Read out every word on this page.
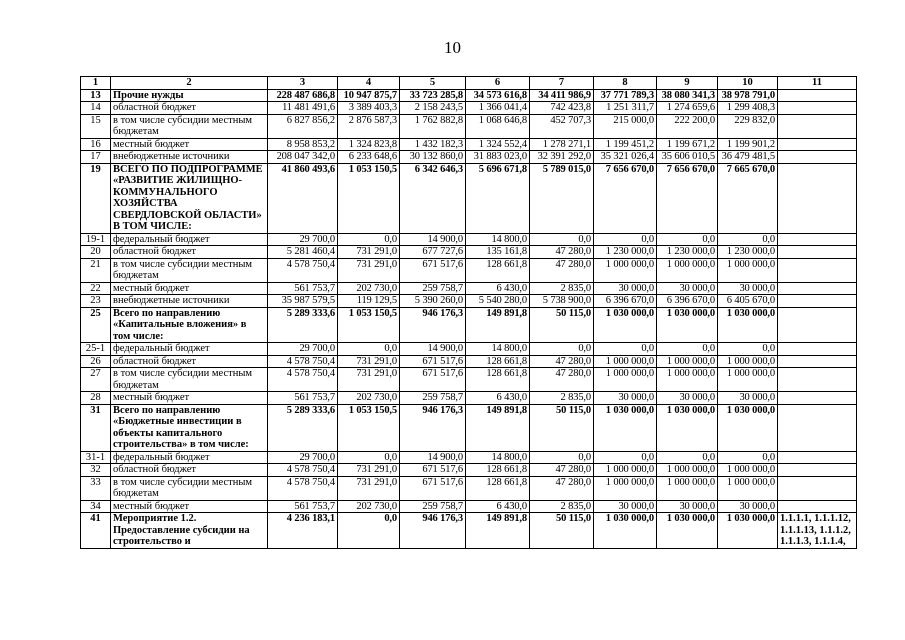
10
1	2	3	4	5	6	7	8	9	10	11
13	Прочие нужды	228 487 686,8	10 947 875,7	33 723 285,8	34 573 616,8	34 411 986,9	37 771 789,3	38 080 341,3	38 978 791,0	
14	областной бюджет	11 481 491,6	3 389 403,3	2 158 243,5	1 366 041,4	742 423,8	1 251 311,7	1 274 659,6	1 299 408,3	
15	в том числе субсидии местным бюджетам	6 827 856,2	2 876 587,3	1 762 882,8	1 068 646,8	452 707,3	215 000,0	222 200,0	229 832,0	
16	местный бюджет	8 958 853,2	1 324 823,8	1 432 182,3	1 324 552,4	1 278 271,1	1 199 451,2	1 199 671,2	1 199 901,2	
17	внебюджетные источники	208 047 342,0	6 233 648,6	30 132 860,0	31 883 023,0	32 391 292,0	35 321 026,4	35 606 010,5	36 479 481,5	
19	ВСЕГО ПО ПОДПРОГРАММЕ «РАЗВИТИЕ ЖИЛИЩНО-КОММУНАЛЬНОГО ХОЗЯЙСТВА СВЕРДЛОВСКОЙ ОБЛАСТИ» В ТОМ ЧИСЛЕ:	41 860 493,6	1 053 150,5	6 342 646,3	5 696 671,8	5 789 015,0	7 656 670,0	7 656 670,0	7 665 670,0	
19-1	федеральный бюджет	29 700,0	0,0	14 900,0	14 800,0	0,0	0,0	0,0	0,0	
20	областной бюджет	5 281 460,4	731 291,0	677 727,6	135 161,8	47 280,0	1 230 000,0	1 230 000,0	1 230 000,0	
21	в том числе субсидии местным бюджетам	4 578 750,4	731 291,0	671 517,6	128 661,8	47 280,0	1 000 000,0	1 000 000,0	1 000 000,0	
22	местный бюджет	561 753,7	202 730,0	259 758,7	6 430,0	2 835,0	30 000,0	30 000,0	30 000,0	
23	внебюджетные источники	35 987 579,5	119 129,5	5 390 260,0	5 540 280,0	5 738 900,0	6 396 670,0	6 396 670,0	6 405 670,0	
25	Всего по направлению «Капитальные вложения» в том числе:	5 289 333,6	1 053 150,5	946 176,3	149 891,8	50 115,0	1 030 000,0	1 030 000,0	1 030 000,0	
25-1	федеральный бюджет	29 700,0	0,0	14 900,0	14 800,0	0,0	0,0	0,0	0,0	
26	областной бюджет	4 578 750,4	731 291,0	671 517,6	128 661,8	47 280,0	1 000 000,0	1 000 000,0	1 000 000,0	
27	в том числе субсидии местным бюджетам	4 578 750,4	731 291,0	671 517,6	128 661,8	47 280,0	1 000 000,0	1 000 000,0	1 000 000,0	
28	местный бюджет	561 753,7	202 730,0	259 758,7	6 430,0	2 835,0	30 000,0	30 000,0	30 000,0	
31	Всего по направлению «Бюджетные инвестиции в объекты капитального строительства» в том числе:	5 289 333,6	1 053 150,5	946 176,3	149 891,8	50 115,0	1 030 000,0	1 030 000,0	1 030 000,0	
31-1	федеральный бюджет	29 700,0	0,0	14 900,0	14 800,0	0,0	0,0	0,0	0,0	
32	областной бюджет	4 578 750,4	731 291,0	671 517,6	128 661,8	47 280,0	1 000 000,0	1 000 000,0	1 000 000,0	
33	в том числе субсидии местным бюджетам	4 578 750,4	731 291,0	671 517,6	128 661,8	47 280,0	1 000 000,0	1 000 000,0	1 000 000,0	
34	местный бюджет	561 753,7	202 730,0	259 758,7	6 430,0	2 835,0	30 000,0	30 000,0	30 000,0	
41	Мероприятие 1.2. Предоставление субсидии на строительство и	4 236 183,1	0,0	946 176,3	149 891,8	50 115,0	1 030 000,0	1 030 000,0	1 030 000,0	1.1.1.1, 1.1.1.12, 1.1.1.13, 1.1.1.2, 1.1.1.3, 1.1.1.4,
